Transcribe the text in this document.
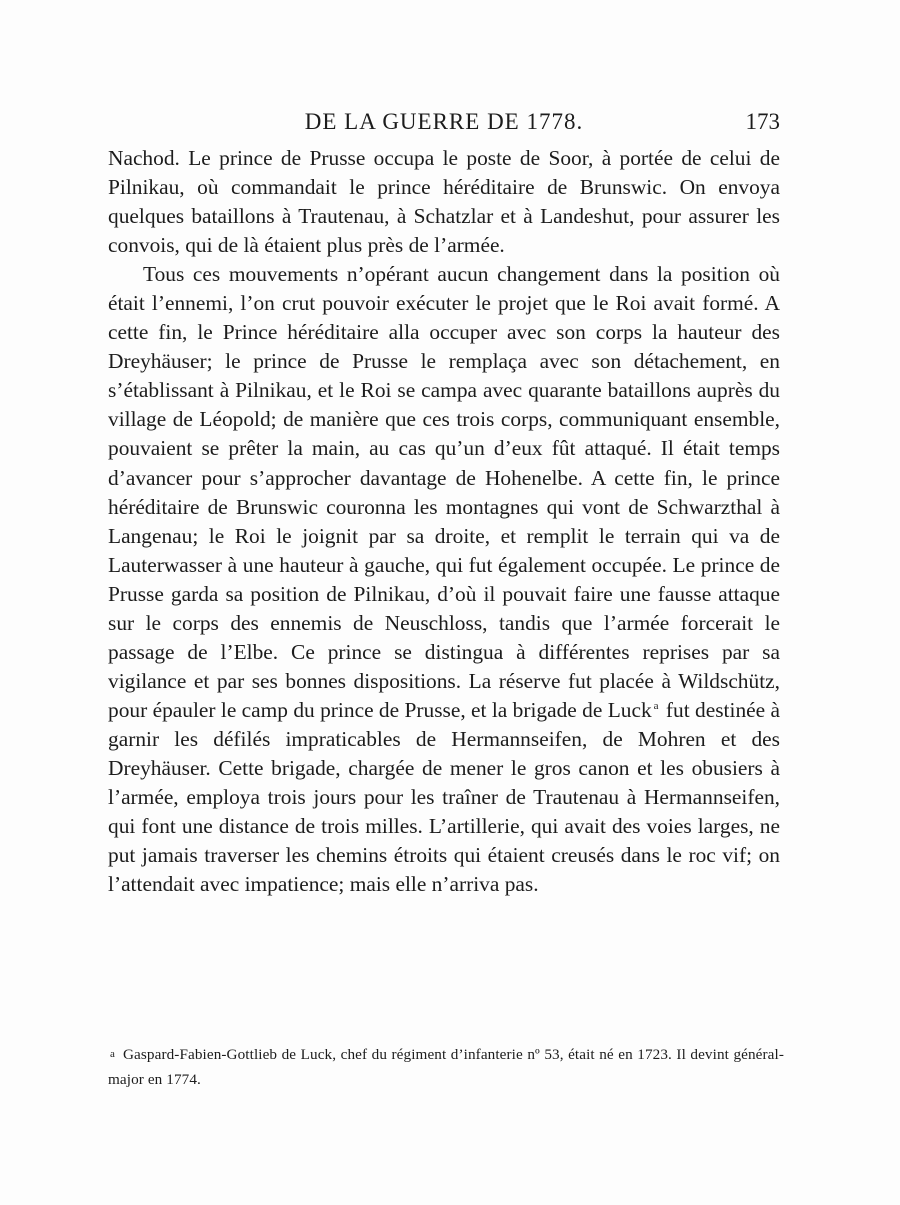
DE LA GUERRE DE 1778.	173

Nachod. Le prince de Prusse occupa le poste de Soor, à portée de celui de Pilnikau, où commandait le prince héréditaire de Brunswic. On envoya quelques bataillons à Trautenau, à Schatzlar et à Landeshut, pour assurer les convois, qui de là étaient plus près de l’armée.

Tous ces mouvements n’opérant aucun changement dans la position où était l’ennemi, l’on crut pouvoir exécuter le projet que le Roi avait formé. A cette fin, le Prince héréditaire alla occuper avec son corps la hauteur des Dreyhäuser; le prince de Prusse le remplaça avec son détachement, en s’établissant à Pilnikau, et le Roi se campa avec quarante bataillons auprès du village de Léopold; de manière que ces trois corps, communiquant ensemble, pouvaient se prêter la main, au cas qu’un d’eux fût attaqué. Il était temps d’avancer pour s’approcher davantage de Hohenelbe. A cette fin, le prince héréditaire de Brunswic couronna les montagnes qui vont de Schwarzthal à Langenau; le Roi le joignit par sa droite, et remplit le terrain qui va de Lauterwasser à une hauteur à gauche, qui fut également occupée. Le prince de Prusse garda sa position de Pilnikau, d’où il pouvait faire une fausse attaque sur le corps des ennemis de Neuschloss, tandis que l’armée forcerait le passage de l’Elbe. Ce prince se distingua à différentes reprises par sa vigilance et par ses bonnes dispositions. La réserve fut placée à Wildschütz, pour épauler le camp du prince de Prusse, et la brigade de Luck $^a$ fut destinée à garnir les défilés impraticables de Hermannseifen, de Mohren et des Dreyhäuser. Cette brigade, chargée de mener le gros canon et les obusiers à l’armée, employa trois jours pour les traîner de Trautenau à Hermannseifen, qui font une distance de trois milles. L’artillerie, qui avait des voies larges, ne put jamais traverser les chemins étroits qui étaient creusés dans le roc vif; on l’attendait avec impatience; mais elle n’arriva pas.

a Gaspard-Fabien-Gottlieb de Luck, chef du régiment d’infanterie nº 53, était né en 1723. Il devint général-major en 1774.
